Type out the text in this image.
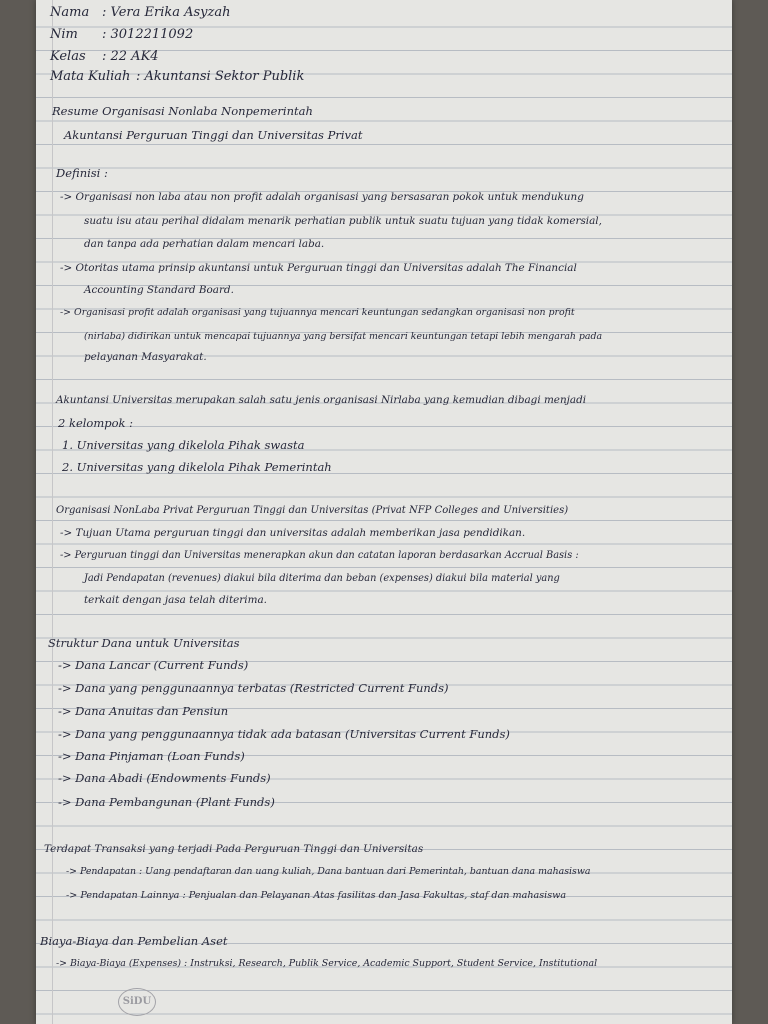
Nama : Vera Erika Asyzah
Nim : 3012211092
Kelas : 22 AK4
Mata Kuliah : Akuntansi Sektor Publik
Resume Organisasi Nonlaba Nonpemerintah
Akuntansi Perguruan Tinggi dan Universitas Privat
Definisi :
-> Organisasi non laba atau non profit adalah organisasi yang bersasaran pokok untuk mendukung
suatu isu atau perihal didalam menarik perhatian publik untuk suatu tujuan yang tidak komersial,
dan tanpa ada perhatian dalam mencari laba.
-> Otoritas utama prinsip akuntansi untuk Perguruan tinggi dan Universitas adalah The Financial
Accounting Standard Board.
-> Organisasi profit adalah organisasi yang tujuannya mencari keuntungan sedangkan organisasi non profit
(nirlaba) didirikan untuk mencapai tujuannya yang bersifat mencari keuntungan tetapi lebih mengarah pada
pelayanan Masyarakat.
Akuntansi Universitas merupakan salah satu jenis organisasi Nirlaba yang kemudian dibagi menjadi
2 kelompok :
1. Universitas yang dikelola Pihak swasta
2. Universitas yang dikelola Pihak Pemerintah
Organisasi NonLaba Privat Perguruan Tinggi dan Universitas (Privat NFP Colleges and Universities)
-> Tujuan Utama perguruan tinggi dan universitas adalah memberikan jasa pendidikan.
-> Perguruan tinggi dan Universitas menerapkan akun dan catatan laporan berdasarkan Accrual Basis :
Jadi Pendapatan (revenues) diakui bila diterima dan beban (expenses) diakui bila material yang
terkait dengan jasa telah diterima.
Struktur Dana untuk Universitas
-> Dana Lancar (Current Funds)
-> Dana yang penggunaannya terbatas (Restricted Current Funds)
-> Dana Anuitas dan Pensiun
-> Dana yang penggunaannya tidak ada batasan (Universitas Current Funds)
-> Dana Pinjaman (Loan Funds)
-> Dana Abadi (Endowments Funds)
-> Dana Pembangunan (Plant Funds)
Terdapat Transaksi yang terjadi Pada Perguruan Tinggi dan Universitas
-> Pendapatan : Uang pendaftaran dan uang kuliah, Dana bantuan dari Pemerintah, bantuan dana mahasiswa
-> Pendapatan Lainnya : Penjualan dan Pelayanan Atas fasilitas dan Jasa Fakultas, staf dan mahasiswa
Biaya-Biaya dan Pembelian Aset
-> Biaya-Biaya (Expenses) : Instruksi, Research, Publik Service, Academic Support, Student Service, Institutional
SiDU
